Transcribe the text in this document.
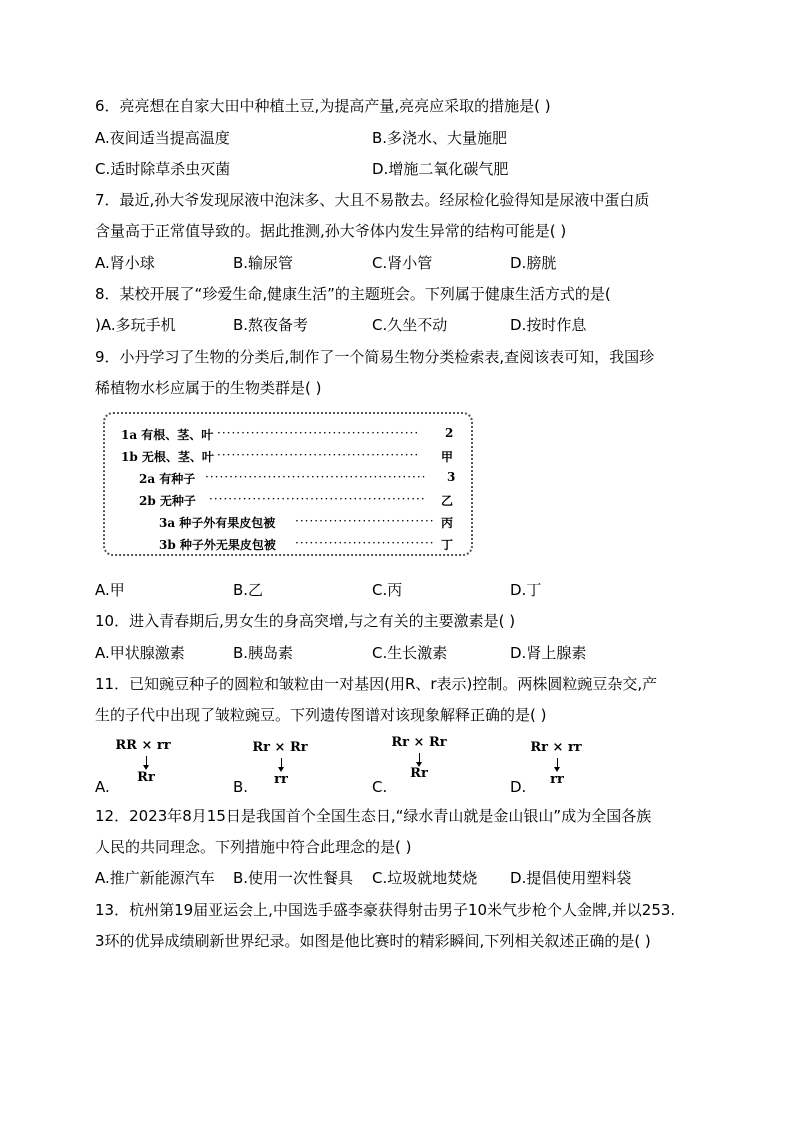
6．亮亮想在自家大田中种植土豆,为提高产量,亮亮应采取的措施是( )
A.夜间适当提高温度	B.多浇水、大量施肥
C.适时除草杀虫灭菌	D.增施二氧化碳气肥
7．最近,孙大爷发现尿液中泡沫多、大且不易散去。经尿检化验得知是尿液中蛋白质
含量高于正常值导致的。据此推测,孙大爷体内发生异常的结构可能是( )
A.肾小球	B.输尿管	C.肾小管	D.膀胱
8．某校开展了“珍爱生命,健康生活”的主题班会。下列属于健康生活方式的是(
)A.多玩手机	B.熬夜备考	C.久坐不动	D.按时作息
9．小丹学习了生物的分类后,制作了一个简易生物分类检索表,查阅该表可知，我国珍
稀植物水杉应属于的生物类群是( )
1a 有根、茎、叶 ··········································	2
1b 无根、茎、叶 ··········································	甲
2a 有种子 ··············································	3
2b 无种子 ·············································	乙
3a 种子外有果皮包被 ····························· 丙
3b 种子外无果皮包被 ····························· 丁
A.甲	B.乙	C.丙	D.丁
10．进入青春期后,男女生的身高突增,与之有关的主要激素是( )
A.甲状腺激素	B.胰岛素	C.生长激素	D.肾上腺素
11．已知豌豆种子的圆粒和皱粒由一对基因(用R、r表示)控制。两株圆粒豌豆杂交,产
生的子代中出现了皱粒豌豆。下列遗传图谱对该现象解释正确的是( )
RR × rr
Rr
A.
Rr × Rr
rr
B.
Rr × Rr
Rr
C.
Rr × rr
rr
D.
12．2023年8月15日是我国首个全国生态日,“绿水青山就是金山银山”成为全国各族
人民的共同理念。下列措施中符合此理念的是( )
A.推广新能源汽车 B.使用一次性餐具 C.垃圾就地焚烧 D.提倡使用塑料袋
13．杭州第19届亚运会上,中国选手盛李豪获得射击男子10米气步枪个人金牌,并以253.
3环的优异成绩刷新世界纪录。如图是他比赛时的精彩瞬间,下列相关叙述正确的是( )
